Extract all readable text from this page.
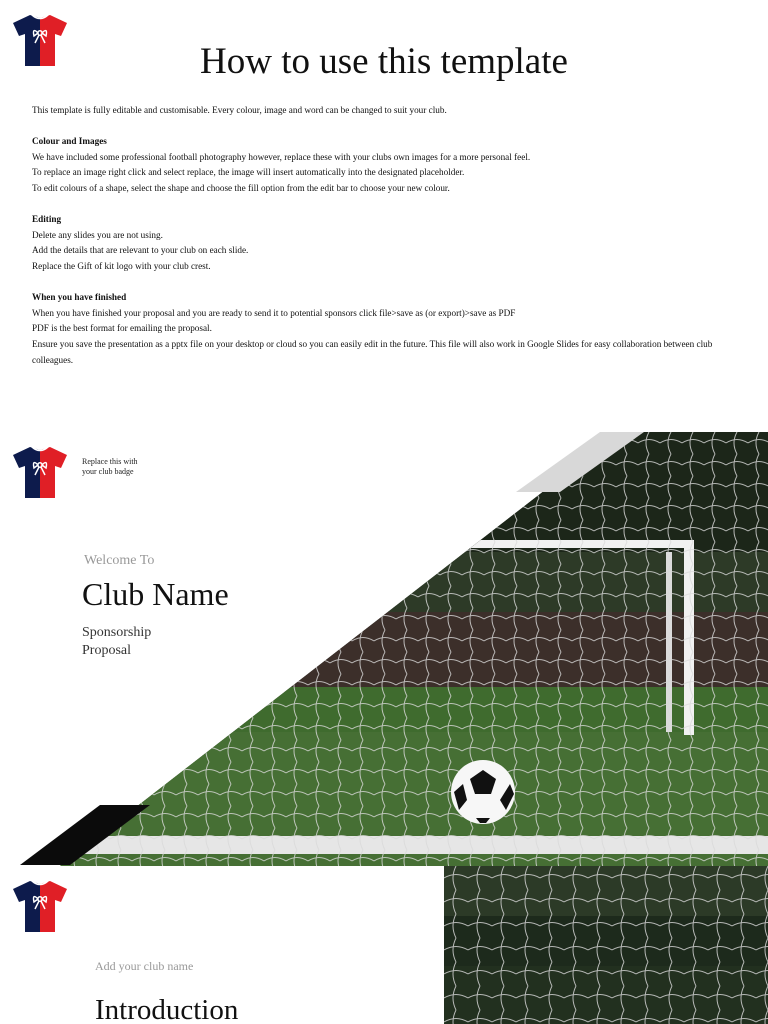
How to use this template

This template is fully editable and customisable. Every colour, image and word can be changed to suit your club.

Colour and Images

We have included some professional football photography however, replace these with your clubs own images for a more personal feel.

To replace an image right click and select replace, the image will insert automatically into the designated placeholder.

To edit colours of a shape, select the shape and choose the fill option from the edit bar to choose your new colour.

Editing

Delete any slides you are not using.

Add the details that are relevant to your club on each slide.

Replace the Gift of kit logo with your club crest.

When you have finished

When you have finished your proposal and you are ready to send it to potential sponsors click file>save as (or export)>save as PDF

PDF is the best format for emailing the proposal.

Ensure you save the presentation as a pptx file on your desktop or cloud so you can easily edit in the future. This file will also work in Google Slides for easy collaboration between club colleagues.

Replace this with your club badge
Welcome To
Club Name
Sponsorship
Proposal
Add your club name
Introduction
